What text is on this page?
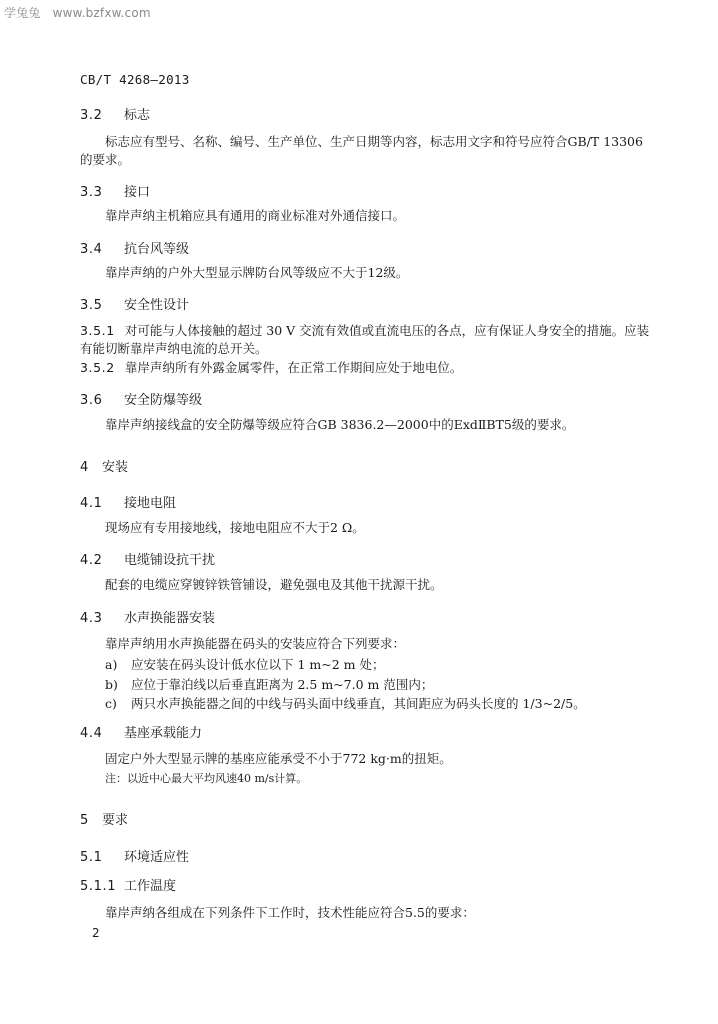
学兔兔 www.bzfxw.com
CB/T 4268—2013
3.2 标志
标志应有型号、名称、编号、生产单位、生产日期等内容，标志用文字和符号应符合GB/T 13306
的要求。
3.3 接口
靠岸声纳主机箱应具有通用的商业标准对外通信接口。
3.4 抗台风等级
靠岸声纳的户外大型显示牌防台风等级应不大于12级。
3.5 安全性设计
3.5.1 对可能与人体接触的超过 30 V 交流有效值或直流电压的各点，应有保证人身安全的措施。应装
有能切断靠岸声纳电流的总开关。
3.5.2 靠岸声纳所有外露金属零件，在正常工作期间应处于地电位。
3.6 安全防爆等级
靠岸声纳接线盒的安全防爆等级应符合GB 3836.2—2000中的ExdⅡBT5级的要求。
4 安装
4.1 接地电阻
现场应有专用接地线，接地电阻应不大于2 Ω。
4.2 电缆铺设抗干扰
配套的电缆应穿镀锌铁管铺设，避免强电及其他干扰源干扰。
4.3 水声换能器安装
靠岸声纳用水声换能器在码头的安装应符合下列要求：
a) 应安装在码头设计低水位以下 1 m~2 m 处；
b) 应位于靠泊线以后垂直距离为 2.5 m~7.0 m 范围内；
c) 两只水声换能器之间的中线与码头面中线垂直，其间距应为码头长度的 1/3~2/5。
4.4 基座承载能力
固定户外大型显示牌的基座应能承受不小于772 kg·m的扭矩。
注：以近中心最大平均风速40 m/s计算。
5 要求
5.1 环境适应性
5.1.1 工作温度
靠岸声纳各组成在下列条件下工作时，技术性能应符合5.5的要求：
2
